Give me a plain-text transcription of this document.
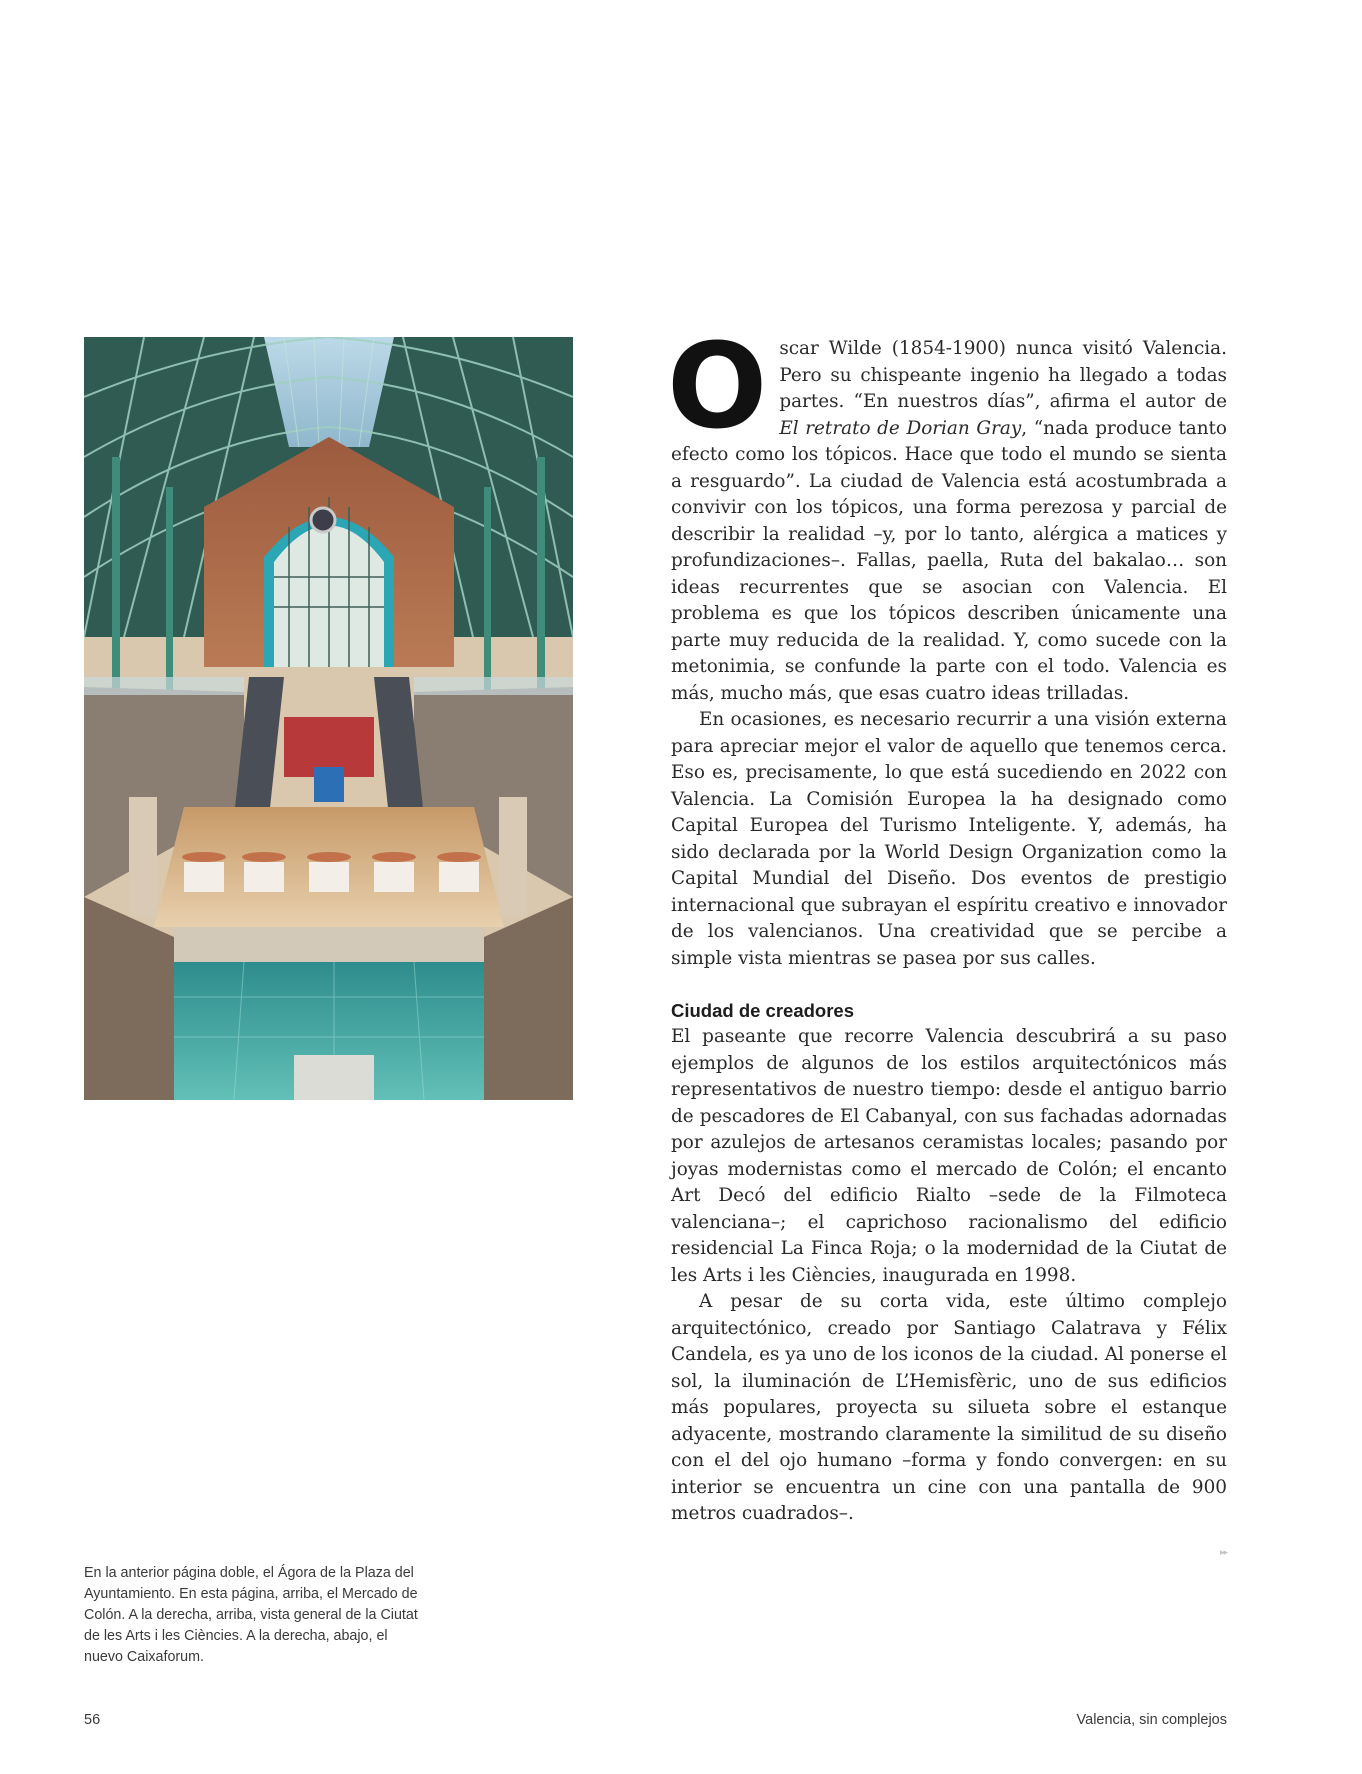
Oscar Wilde (1854-1900) nunca visitó Valencia. Pero su chispeante ingenio ha llegado a todas partes. “En nuestros días”, afirma el autor de El retrato de Dorian Gray, “nada produce tanto efecto como los tópicos. Hace que todo el mundo se sienta a resguardo”. La ciudad de Valencia está acostumbrada a convivir con los tópicos, una forma perezosa y parcial de describir la realidad –y, por lo tanto, alérgica a matices y profundizaciones–. Fallas, paella, Ruta del bakalao… son ideas recurrentes que se asocian con Valencia. El problema es que los tópicos describen únicamente una parte muy reducida de la realidad. Y, como sucede con la metonimia, se confunde la parte con el todo. Valencia es más, mucho más, que esas cuatro ideas trilladas.

En ocasiones, es necesario recurrir a una visión externa para apreciar mejor el valor de aquello que tenemos cerca. Eso es, precisamente, lo que está sucediendo en 2022 con Valencia. La Comisión Europea la ha designado como Capital Europea del Turismo Inteligente. Y, además, ha sido declarada por la World Design Organization como la Capital Mundial del Diseño. Dos eventos de prestigio internacional que subrayan el espíritu creativo e innovador de los valencianos. Una creatividad que se percibe a simple vista mientras se pasea por sus calles.

Ciudad de creadores

El paseante que recorre Valencia descubrirá a su paso ejemplos de algunos de los estilos arquitectónicos más representativos de nuestro tiempo: desde el antiguo barrio de pescadores de El Cabanyal, con sus fachadas adornadas por azulejos de artesanos ceramistas locales; pasando por joyas modernistas como el mercado de Colón; el encanto Art Decó del edificio Rialto –sede de la Filmoteca valenciana–; el caprichoso racionalismo del edificio residencial La Finca Roja; o la modernidad de la Ciutat de les Arts i les Ciències, inaugurada en 1998.

A pesar de su corta vida, este último complejo arquitectónico, creado por Santiago Calatrava y Félix Candela, es ya uno de los iconos de la ciudad. Al ponerse el sol, la iluminación de L’Hemisfèric, uno de sus edificios más populares, proyecta su silueta sobre el estanque adyacente, mostrando claramente la similitud de su diseño con el del ojo humano –forma y fondo convergen: en su interior se encuentra un cine con una pantalla de 900 metros cuadrados–.

▸▸
En la anterior página doble, el Ágora de la Plaza del Ayuntamiento. En esta página, arriba, el Mercado de Colón. A la derecha, arriba, vista general de la Ciutat de les Arts i les Ciències. A la derecha, abajo, el nuevo Caixaforum.
56	Valencia, sin complejos
